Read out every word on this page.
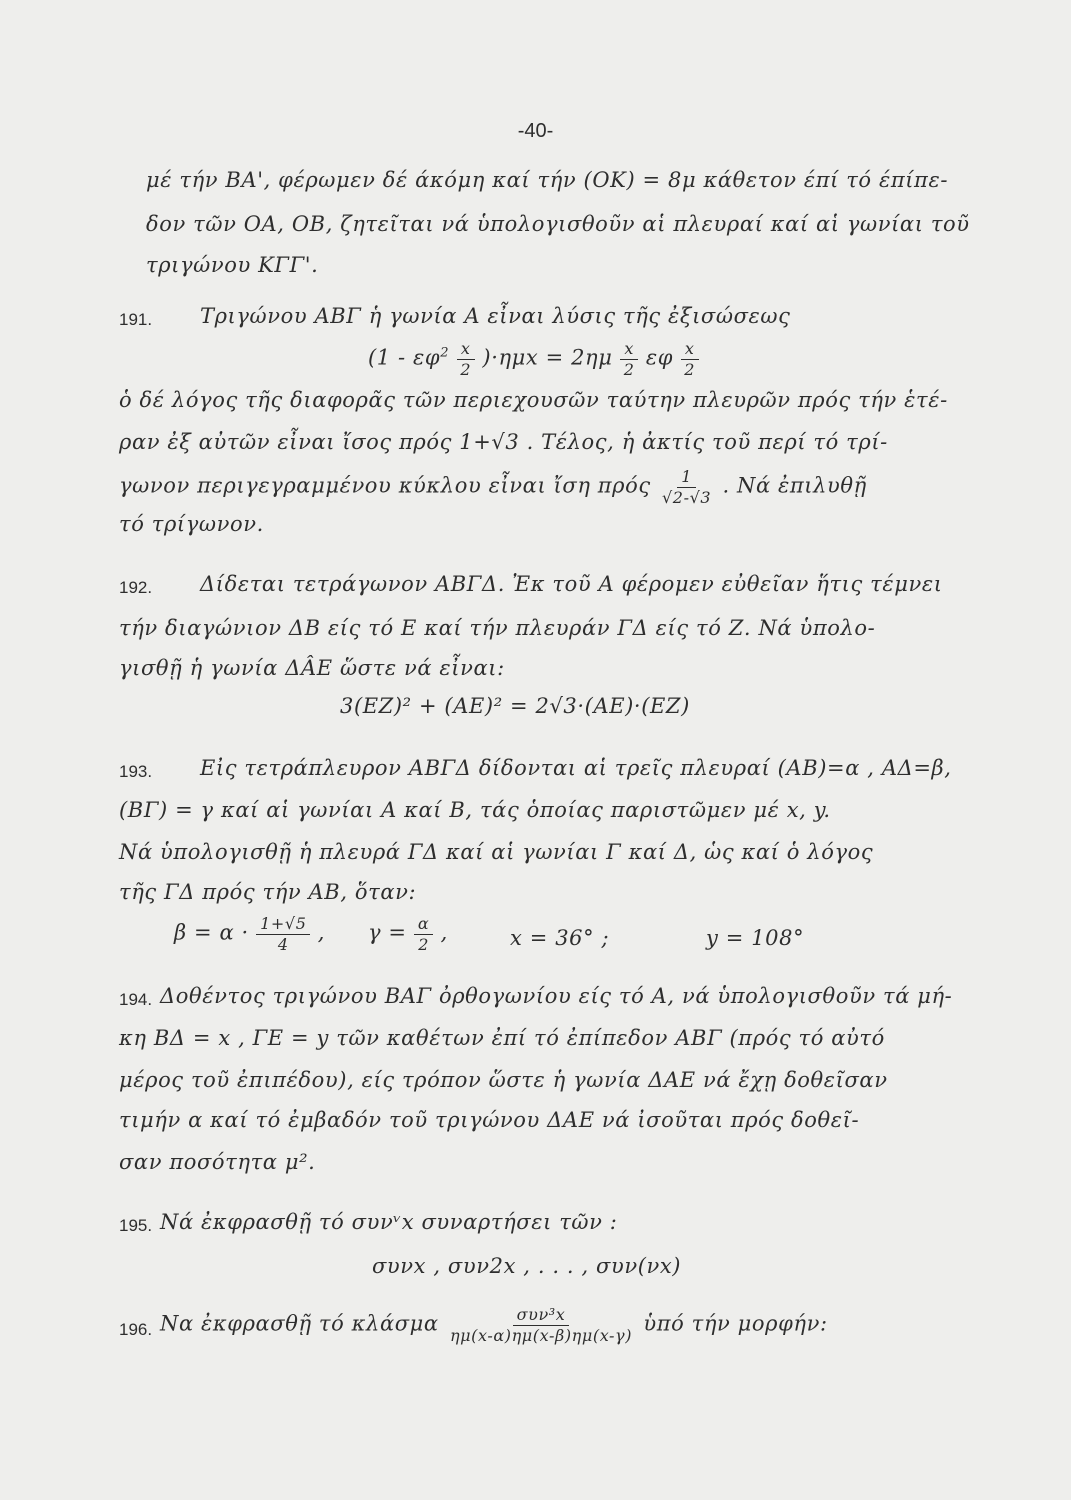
-40-
μέ τήν ΒΑ', φέρωμεν δέ άκόμη καί τήν (ΟΚ) = 8μ κάθετον έπί τό έπίπε-
δον τῶν ΟΑ, ΟΒ, ζητεῖται νά ὑπολογισθοῦν αἱ πλευραί καί αἱ γωνίαι τοῦ
τριγώνου ΚΓΓ'.
191. Τριγώνου ΑΒΓ ἡ γωνία Α εἶναι λύσις τῆς ἐξισώσεως
$(1 - \varepsilon\varphi^2 \frac{x}{2} )\cdot\eta\mu x = 2\eta\mu \frac{x}{2}$ εφ $\frac{x}{2}$
ὁ δέ λόγος τῆς διαφορᾶς τῶν περιεχουσῶν ταύτην πλευρῶν πρός τήν ἑτέ-
ραν ἐξ αὐτῶν εἶναι ἴσος πρός 1+√3 . Τέλος, ἡ ἀκτίς τοῦ περί τό τρί-
γωνον περιγεγραμμένου κύκλου εἶναι ἴση πρός $\frac{1}{√2-√3}$ . Νά ἐπιλυθῇ
τό τρίγωνον.
192. Δίδεται τετράγωνον ΑΒΓΔ. Ἐκ τοῦ Α φέρομεν εὐθεῖαν ἥτις τέμνει
τήν διαγώνιον ΔΒ είς τό Ε καί τήν πλευράν ΓΔ είς τό Ζ. Νά ὑπολο-
γισθῇ ἡ γωνία ΔÂΕ ὥστε νά εἶναι:
3(ΕΖ)² + (ΑΕ)² = 2√3·(ΑΕ)·(ΕΖ)
193. Εἰς τετράπλευρον ΑΒΓΔ δίδονται αἱ τρεῖς πλευραί (ΑΒ)=α , ΑΔ=β,
(ΒΓ) = γ καί αἱ γωνίαι Α καί Β, τάς ὁποίας παριστῶμεν μέ x, y.
Νά ὑπολογισθῇ ἡ πλευρά ΓΔ καί αἱ γωνίαι Γ καί Δ, ὡς καί ὁ λόγος
τῆς ΓΔ πρός τήν ΑΒ, ὅταν:
$\beta = \alpha \cdot \frac{1+√5}{4}$ , $\gamma = \frac{\alpha}{2}$ ,	x = 36° ;	y = 108°
194. Δοθέντος τριγώνου ΒΑΓ ὀρθογωνίου είς τό Α, νά ὑπολογισθοῦν τά μή-
κη ΒΔ = x , ΓΕ = y τῶν καθέτων ἐπί τό ἐπίπεδον ΑΒΓ (πρός τό αὐτό
μέρος τοῦ ἐπιπέδου), είς τρόπον ὥστε ἡ γωνία ΔΑΕ νά ἔχῃ δοθεῖσαν
τιμήν α καί τό ἐμβαδόν τοῦ τριγώνου ΔΑΕ νά ἰσοῦται πρός δοθεῖ-
σαν ποσότητα μ².
195. Νά ἐκφρασθῇ τό συνᵛx συναρτήσει τῶν :
συνx , συν2x , . . . , συν(νx)
196. Να ἐκφρασθῇ τό κλάσμα	συν³x
ημ(x-α)ημ(x-β)ημ(x-γ) ὑπό τήν μορφήν:
